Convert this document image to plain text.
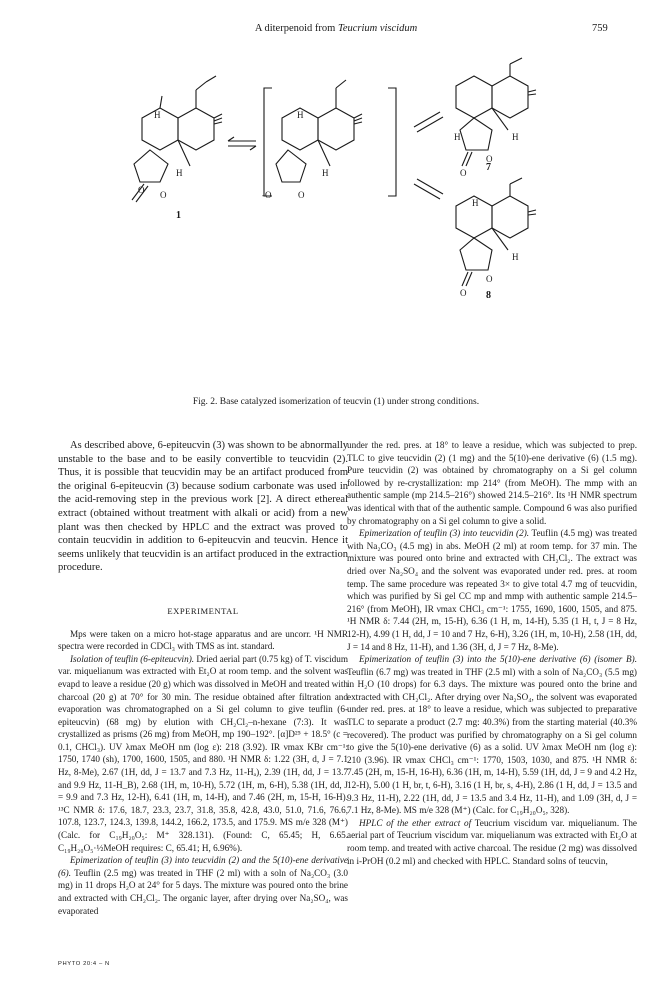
A diterpenoid from Teucrium viscidum	759
H
H
O O
H
H
-O	O
H	H
O
O
H
H
O
O
1
7
8
Fig. 2. Base catalyzed isomerization of teucvin (1) under strong conditions.

As described above, 6-epiteucvin (3) was shown to be abnormally unstable to the base and to be easily convertible to teucvidin (2). Thus, it is possible that teucvidin may be an artifact produced from the original 6-epiteucvin (3) because sodium carbonate was used in the acid-removing step in the previous work [2]. A direct ethereal extract (obtained without treatment with alkali or acid) from a new plant was then checked by HPLC and the extract was proved to contain teucvidin in addition to 6-epiteucvin and teucvin. Hence it seems unlikely that teucvidin is an artifact produced in the extraction procedure.

EXPERIMENTAL

Mps were taken on a micro hot-stage apparatus and are uncorr. ¹H NMR spectra were recorded in CDCl₃ with TMS as int. standard.

Isolation of teuflin (6-epiteucvin). Dried aerial part (0.75 kg) of T. viscidum var. miquelianum was extracted with Et₂O at room temp. and the solvent was evapd to leave a residue (20 g) which was dissolved in MeOH and treated with charcoal (20 g) at 70° for 30 min. The residue obtained after filtration and evaporation was chromatographed on a Si gel column to give teuflin (6-epiteucvin) (68 mg) by elution with CH₂Cl₂–n-hexane (7:3). It was crystallized as prisms (26 mg) from MeOH, mp 190–192°. [α]D²⁵ + 18.5° (c = 0.1, CHCl₃). UV λmax MeOH nm (log ε): 218 (3.92). IR νmax KBr cm⁻¹: 1750, 1740 (sh), 1700, 1600, 1505, and 880. ¹H NMR δ: 1.22 (3H, d, J = 7.1 Hz, 8-Me), 2.67 (1H, dd, J = 13.7 and 7.3 Hz, 11-Hₐ), 2.39 (1H, dd, J = 13.7 and 9.9 Hz, 11-H_B), 2.68 (1H, m, 10-H), 5.72 (1H, m, 6-H), 5.38 (1H, dd, J = 9.9 and 7.3 Hz, 12-H), 6.41 (1H, m, 14-H), and 7.46 (2H, m, 15-H, 16-H). ¹³C NMR δ: 17.6, 18.7, 23.3, 23.7, 31.8, 35.8, 42.8, 43.0, 51.0, 71.6, 76.6, 107.8, 123.7, 124.3, 139.8, 144.2, 166.2, 173.5, and 175.9. MS m/e 328 (M⁺) (Calc. for C₁₉H₂₀O₅: M⁺ 328.131). (Found: C, 65.45; H, 6.65. C₁₉H₂₀O₅·½MeOH requires: C, 65.41; H, 6.96%).

Epimerization of teuflin (3) into teucvidin (2) and the 5(10)-ene derivative (6). Teuflin (2.5 mg) was treated in THF (2 ml) with a soln of Na₂CO₃ (3.0 mg) in 11 drops H₂O at 24° for 5 days. The mixture was poured onto the brine and extracted with CH₂Cl₂. The organic layer, after drying over Na₂SO₄, was evaporated

under the red. pres. at 18° to leave a residue, which was subjected to prep. TLC to give teucvidin (2) (1 mg) and the 5(10)-ene derivative (6) (1.5 mg). Pure teucvidin (2) was obtained by chromatography on a Si gel column followed by re-crystallization: mp 214° (from MeOH). The mmp with an authentic sample (mp 214.5–216°) showed 214.5–216°. Its ¹H NMR spectrum was identical with that of the authentic sample. Compound 6 was also purified by chromatography on a Si gel column to give a solid.

Epimerization of teuflin (3) into teucvidin (2). Teuflin (4.5 mg) was treated with Na₂CO₃ (4.5 mg) in abs. MeOH (2 ml) at room temp. for 37 min. The mixture was poured onto brine and extracted with CH₂Cl₂. The extract was dried over Na₂SO₄ and the solvent was evaporated under red. pres. at room temp. The same procedure was repeated 3× to give total 4.7 mg of teucvidin, which was purified by Si gel CC mp and mmp with authentic sample 214.5–216° (from MeOH), IR νmax CHCl₃ cm⁻¹: 1755, 1690, 1600, 1505, and 875. ¹H NMR δ: 7.44 (2H, m, 15-H), 6.36 (1 H, m, 14-H), 5.35 (1 H, t, J = 8 Hz, 12-H), 4.99 (1 H, dd, J = 10 and 7 Hz, 6-H), 3.26 (1H, m, 10-H), 2.58 (1H, dd, J = 14 and 8 Hz, 11-H), and 1.36 (3H, d, J = 7 Hz, 8-Me).

Epimerization of teuflin (3) into the 5(10)-ene derivative (6) (isomer B). Teuflin (6.7 mg) was treated in THF (2.5 ml) with a soln of Na₂CO₃ (5.5 mg) in H₂O (10 drops) for 6.3 days. The mixture was poured onto the brine and extracted with CH₂Cl₂. After drying over Na₂SO₄, the solvent was evaporated under red. pres. at 18° to leave a residue, which was subjected to preparative TLC to separate a product (2.7 mg: 40.3%) from the starting material (40.3% recovered). The product was purified by chromatography on a Si gel column to give the 5(10)-ene derivative (6) as a solid. UV λmax MeOH nm (log ε): 210 (3.96). IR νmax CHCl₃ cm⁻¹: 1770, 1503, 1030, and 875. ¹H NMR δ: 7.45 (2H, m, 15-H, 16-H), 6.36 (1H, m, 14-H), 5.59 (1H, dd, J = 9 and 4.2 Hz, 12-H), 5.00 (1 H, br, t, 6-H), 3.16 (1 H, br, s, 4-H), 2.86 (1 H, dd, J = 13.5 and 9.3 Hz, 11-H), 2.22 (1H, dd, J = 13.5 and 3.4 Hz, 11-H), and 1.09 (3H, d, J = 7.1 Hz, 8-Me). MS m/e 328 (M⁺) (Calc. for C₁₉H₂₀O₅, 328).

HPLC of the ether extract of Teucrium viscidum var. miquelianum. The aerial part of Teucrium viscidum var. miquelianum was extracted with Et₂O at room temp. and treated with active charcoal. The residue (2 mg) was dissolved in i-PrOH (0.2 ml) and checked with HPLC. Standard solns of teucvin,

PHYTO 20:4 – N
